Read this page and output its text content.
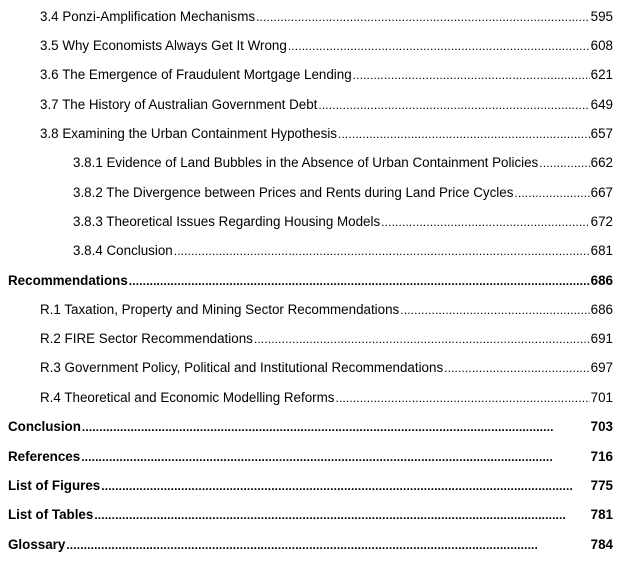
3.4 Ponzi-Amplification Mechanisms . . .	595
3.5 Why Economists Always Get It Wrong . . .	608
3.6 The Emergence of Fraudulent Mortgage Lending . . .	621
3.7 The History of Australian Government Debt . . .	649
3.8 Examining the Urban Containment Hypothesis . . .	657
3.8.1 Evidence of Land Bubbles in the Absence of Urban Containment Policies . . .	662
3.8.2 The Divergence between Prices and Rents during Land Price Cycles . . .	667
3.8.3 Theoretical Issues Regarding Housing Models . . .	672
3.8.4 Conclusion . . .	681
Recommendations . . .	686
R.1 Taxation, Property and Mining Sector Recommendations . . .	686
R.2 FIRE Sector Recommendations . . .	691
R.3 Government Policy, Political and Institutional Recommendations . . .	697
R.4 Theoretical and Economic Modelling Reforms . . .	701
Conclusion . . .	703
References . . .	716
List of Figures . . .	775
List of Tables . . .	781
Glossary . . .	784
